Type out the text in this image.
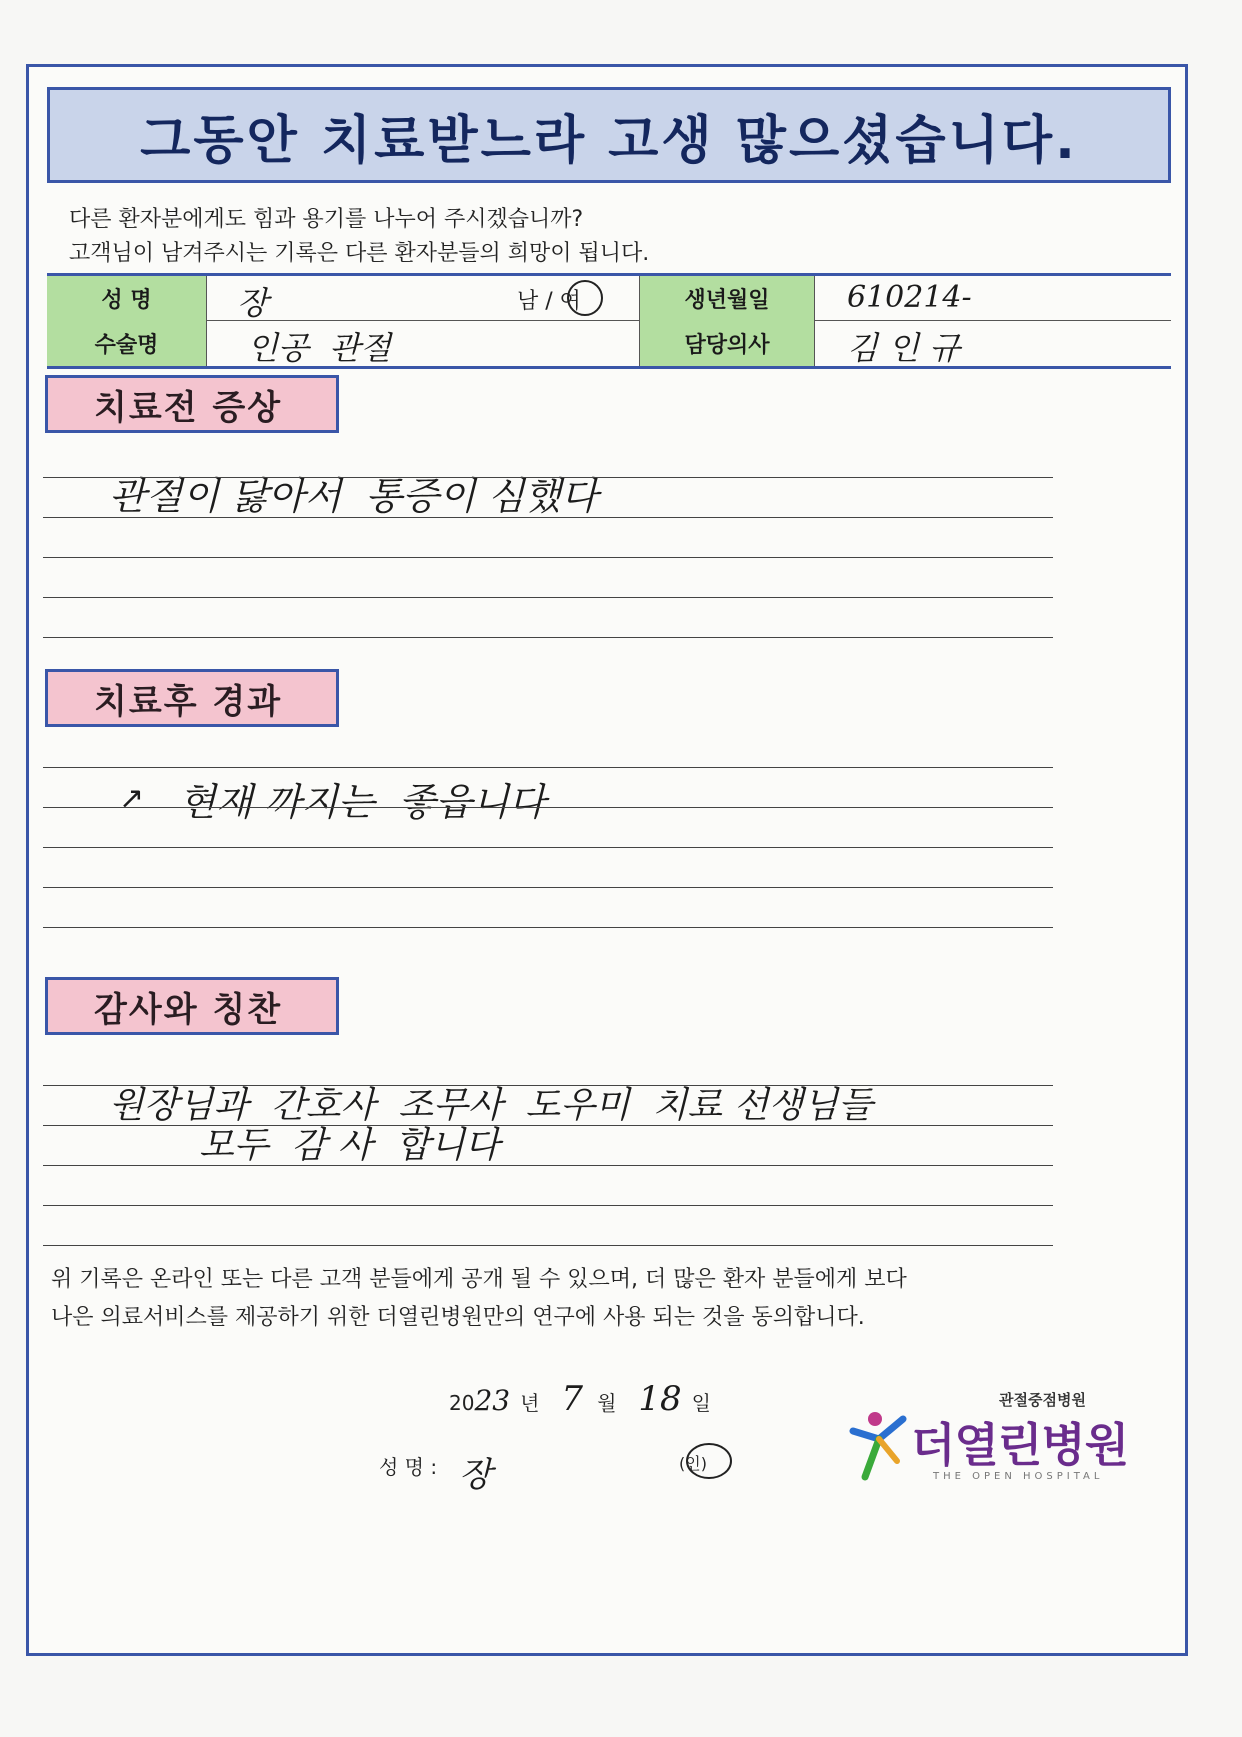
그동안 치료받느라 고생 많으셨습니다.
다른 환자분에게도 힘과 용기를 나누어 주시겠습니까?
고객님이 남겨주시는 기록은 다른 환자분들의 희망이 됩니다.
성 명	장	남 / 여	생년월일	610214-
수술명	인공  관절	담당의사	김 인 규
치료전 증상
관절이 닳아서  통증이 심했다
치료후 경과
↗ 현재 까지는  좋읍니다
감사와 칭찬
원장님과  간호사  조무사  도우미  치료 선생님들
모두  감 사  합니다
위 기록은 온라인 또는 다른 고객 분들에게 공개 될 수 있으며, 더 많은 환자 분들에게 보다
나은 의료서비스를 제공하기 위한 더열린병원만의 연구에 사용 되는 것을 동의합니다.
20 23 년 7 월 18 일
성 명 : 장	(인)
관절중점병원
더열린병원
THE OPEN HOSPITAL
